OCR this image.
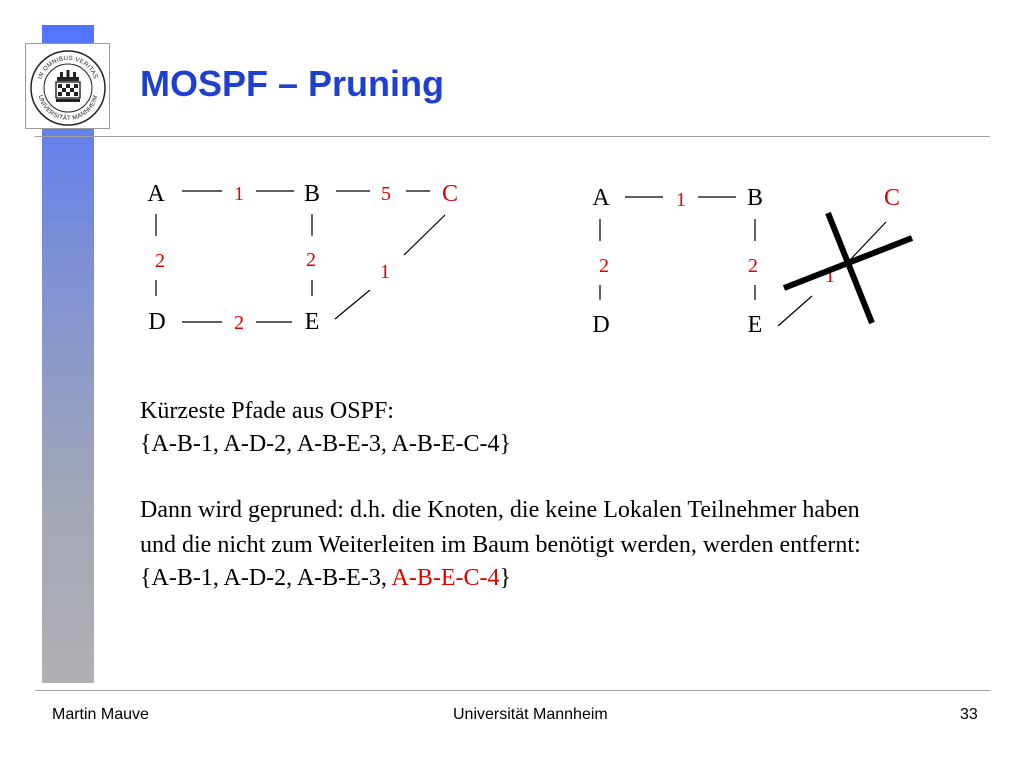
IN OMNIBUS VERITAS
UNIVERSITÄT MANNHEIM MOSPF – Pruning
A	B	C
D	E
1	5
2	2
2
1
A	B	C
D	E
1
2	2	1
Kürzeste Pfade aus OSPF:
{A-B-1, A-D-2, A-B-E-3, A-B-E-C-4}
Dann wird gepruned: d.h. die Knoten, die keine Lokalen Teilnehmer haben
und die nicht zum Weiterleiten im Baum benötigt werden, werden entfernt:
{A-B-1, A-D-2, A-B-E-3, A-B-E-C-4}
Martin Mauve	Universität Mannheim	33
